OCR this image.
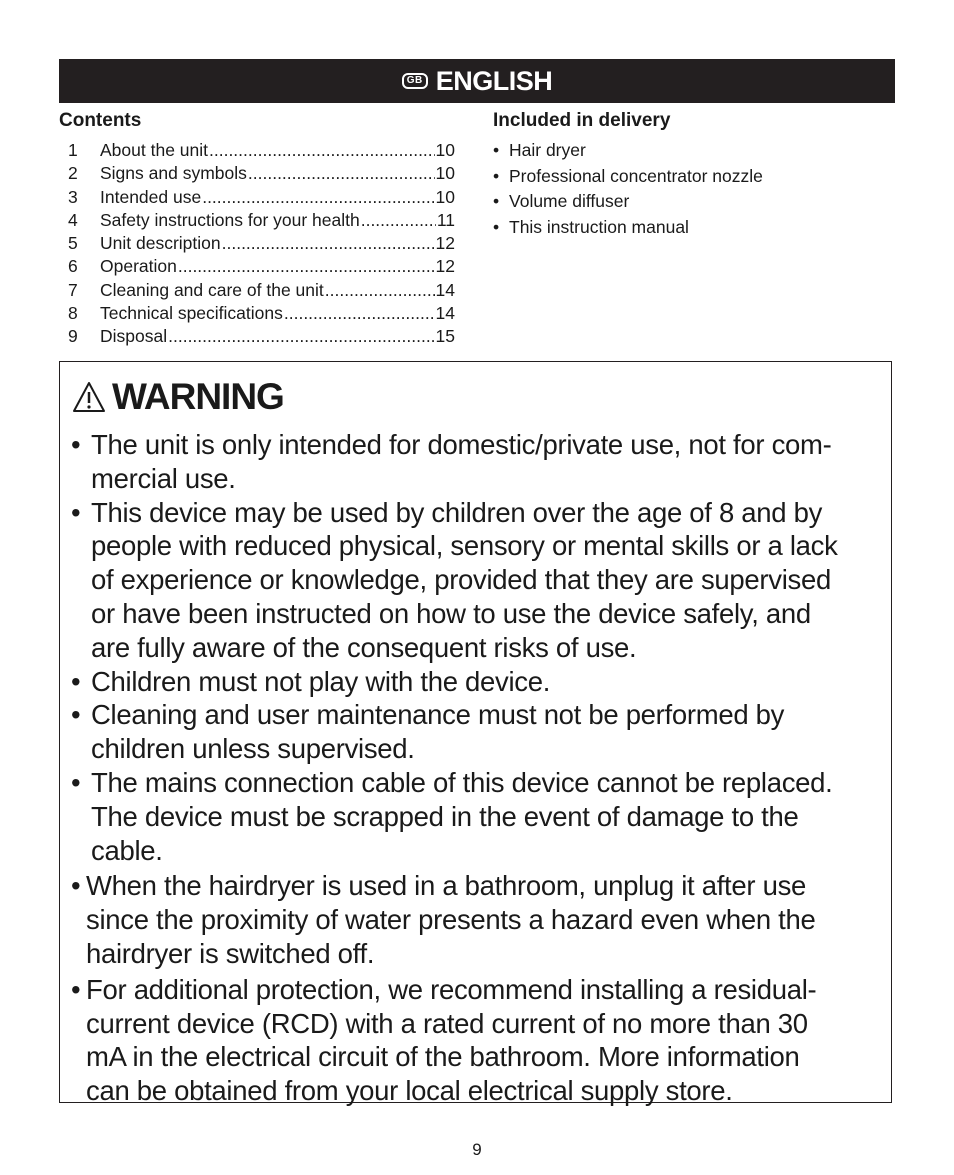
GB ENGLISH
Contents
1	About the unit .....	10
2	Signs and symbols .....	10
3	Intended use .....	10
4	Safety instructions for your health .....	11
5	Unit description .....	12
6	Operation .....	12
7	Cleaning and care of the unit .....	14
8	Technical specifications .....	14
9	Disposal .....	15
Included in delivery
• Hair dryer
• Professional concentrator nozzle
• Volume diffuser
• This instruction manual
WARNING
• The unit is only intended for domestic/private use, not for com-
mercial use.
• This device may be used by children over the age of 8 and by
people with reduced physical, sensory or mental skills or a lack
of experience or knowledge, provided that they are supervised
or have been instructed on how to use the device safely, and
are fully aware of the consequent risks of use.
• Children must not play with the device.
• Cleaning and user maintenance must not be performed by
children unless supervised.
• The mains connection cable of this device cannot be replaced.
The device must be scrapped in the event of damage to the
cable.
• When the hairdryer is used in a bathroom, unplug it after use
since the proximity of water presents a hazard even when the
hairdryer is switched off.
• For additional protection, we recommend installing a residual-
current device (RCD) with a rated current of no more than 30
mA in the electrical circuit of the bathroom. More information
can be obtained from your local electrical supply store.
9
